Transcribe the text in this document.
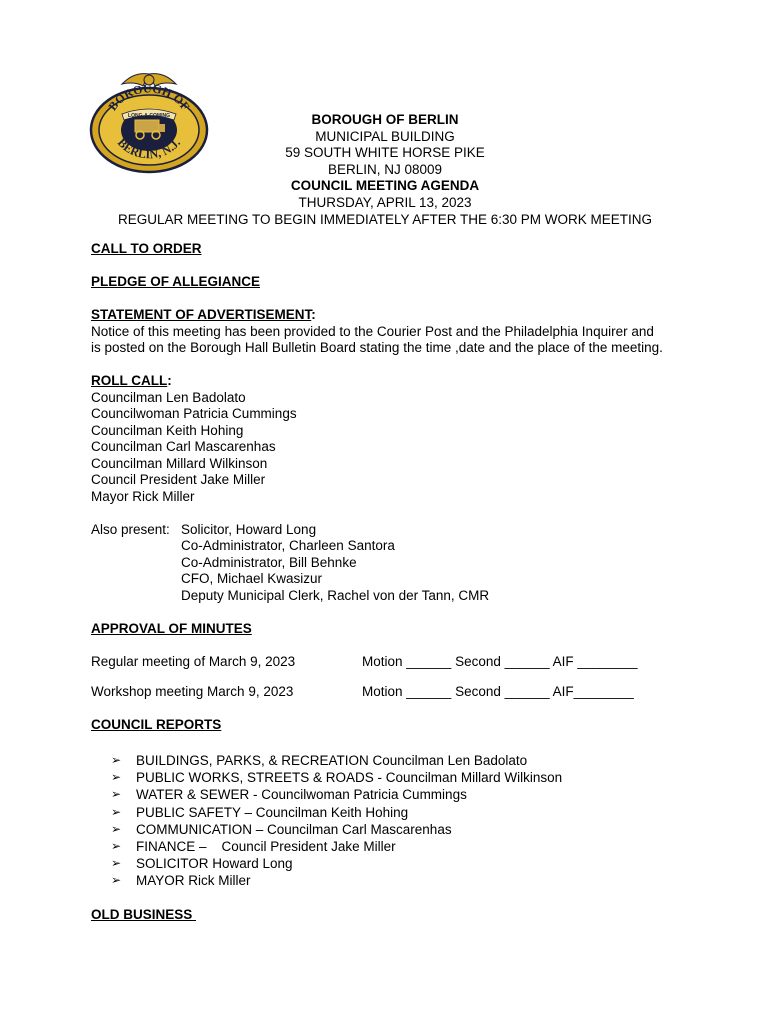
BOROUGH OF
LONG-A-COMING
BERLIN, N.J.
BOROUGH OF BERLIN
MUNICIPAL BUILDING
59 SOUTH WHITE HORSE PIKE
BERLIN, NJ 08009
COUNCIL MEETING AGENDA
THURSDAY, APRIL 13, 2023
REGULAR MEETING TO BEGIN IMMEDIATELY AFTER THE 6:30 PM WORK MEETING

CALL TO ORDER

PLEDGE OF ALLEGIANCE

STATEMENT OF ADVERTISEMENT:

Notice of this meeting has been provided to the Courier Post and the Philadelphia Inquirer and

is posted on the Borough Hall Bulletin Board stating the time ,date and the place of the meeting.

ROLL CALL:

Councilman Len Badolato

Councilwoman Patricia Cummings

Councilman Keith Hohing

Councilman Carl Mascarenhas

Councilman Millard Wilkinson

Council President Jake Miller

Mayor Rick Miller

Also present: Solicitor, Howard Long
Co-Administrator, Charleen Santora
Co-Administrator, Bill Behnke
CFO, Michael Kwasizur
Deputy Municipal Clerk, Rachel von der Tann, CMR

APPROVAL OF MINUTES

Regular meeting of March 9, 2023	Motion ______ Second ______ AIF ________
Workshop meeting March 9, 2023	Motion ______ Second ______ AIF________

COUNCIL REPORTS

➢	BUILDINGS, PARKS, & RECREATION Councilman Len Badolato
➢	PUBLIC WORKS, STREETS & ROADS - Councilman Millard Wilkinson
➢	WATER & SEWER - Councilwoman Patricia Cummings
➢	PUBLIC SAFETY – Councilman Keith Hohing
➢	COMMUNICATION – Councilman Carl Mascarenhas
➢	FINANCE –    Council President Jake Miller
➢	SOLICITOR Howard Long
➢	MAYOR Rick Miller

OLD BUSINESS
